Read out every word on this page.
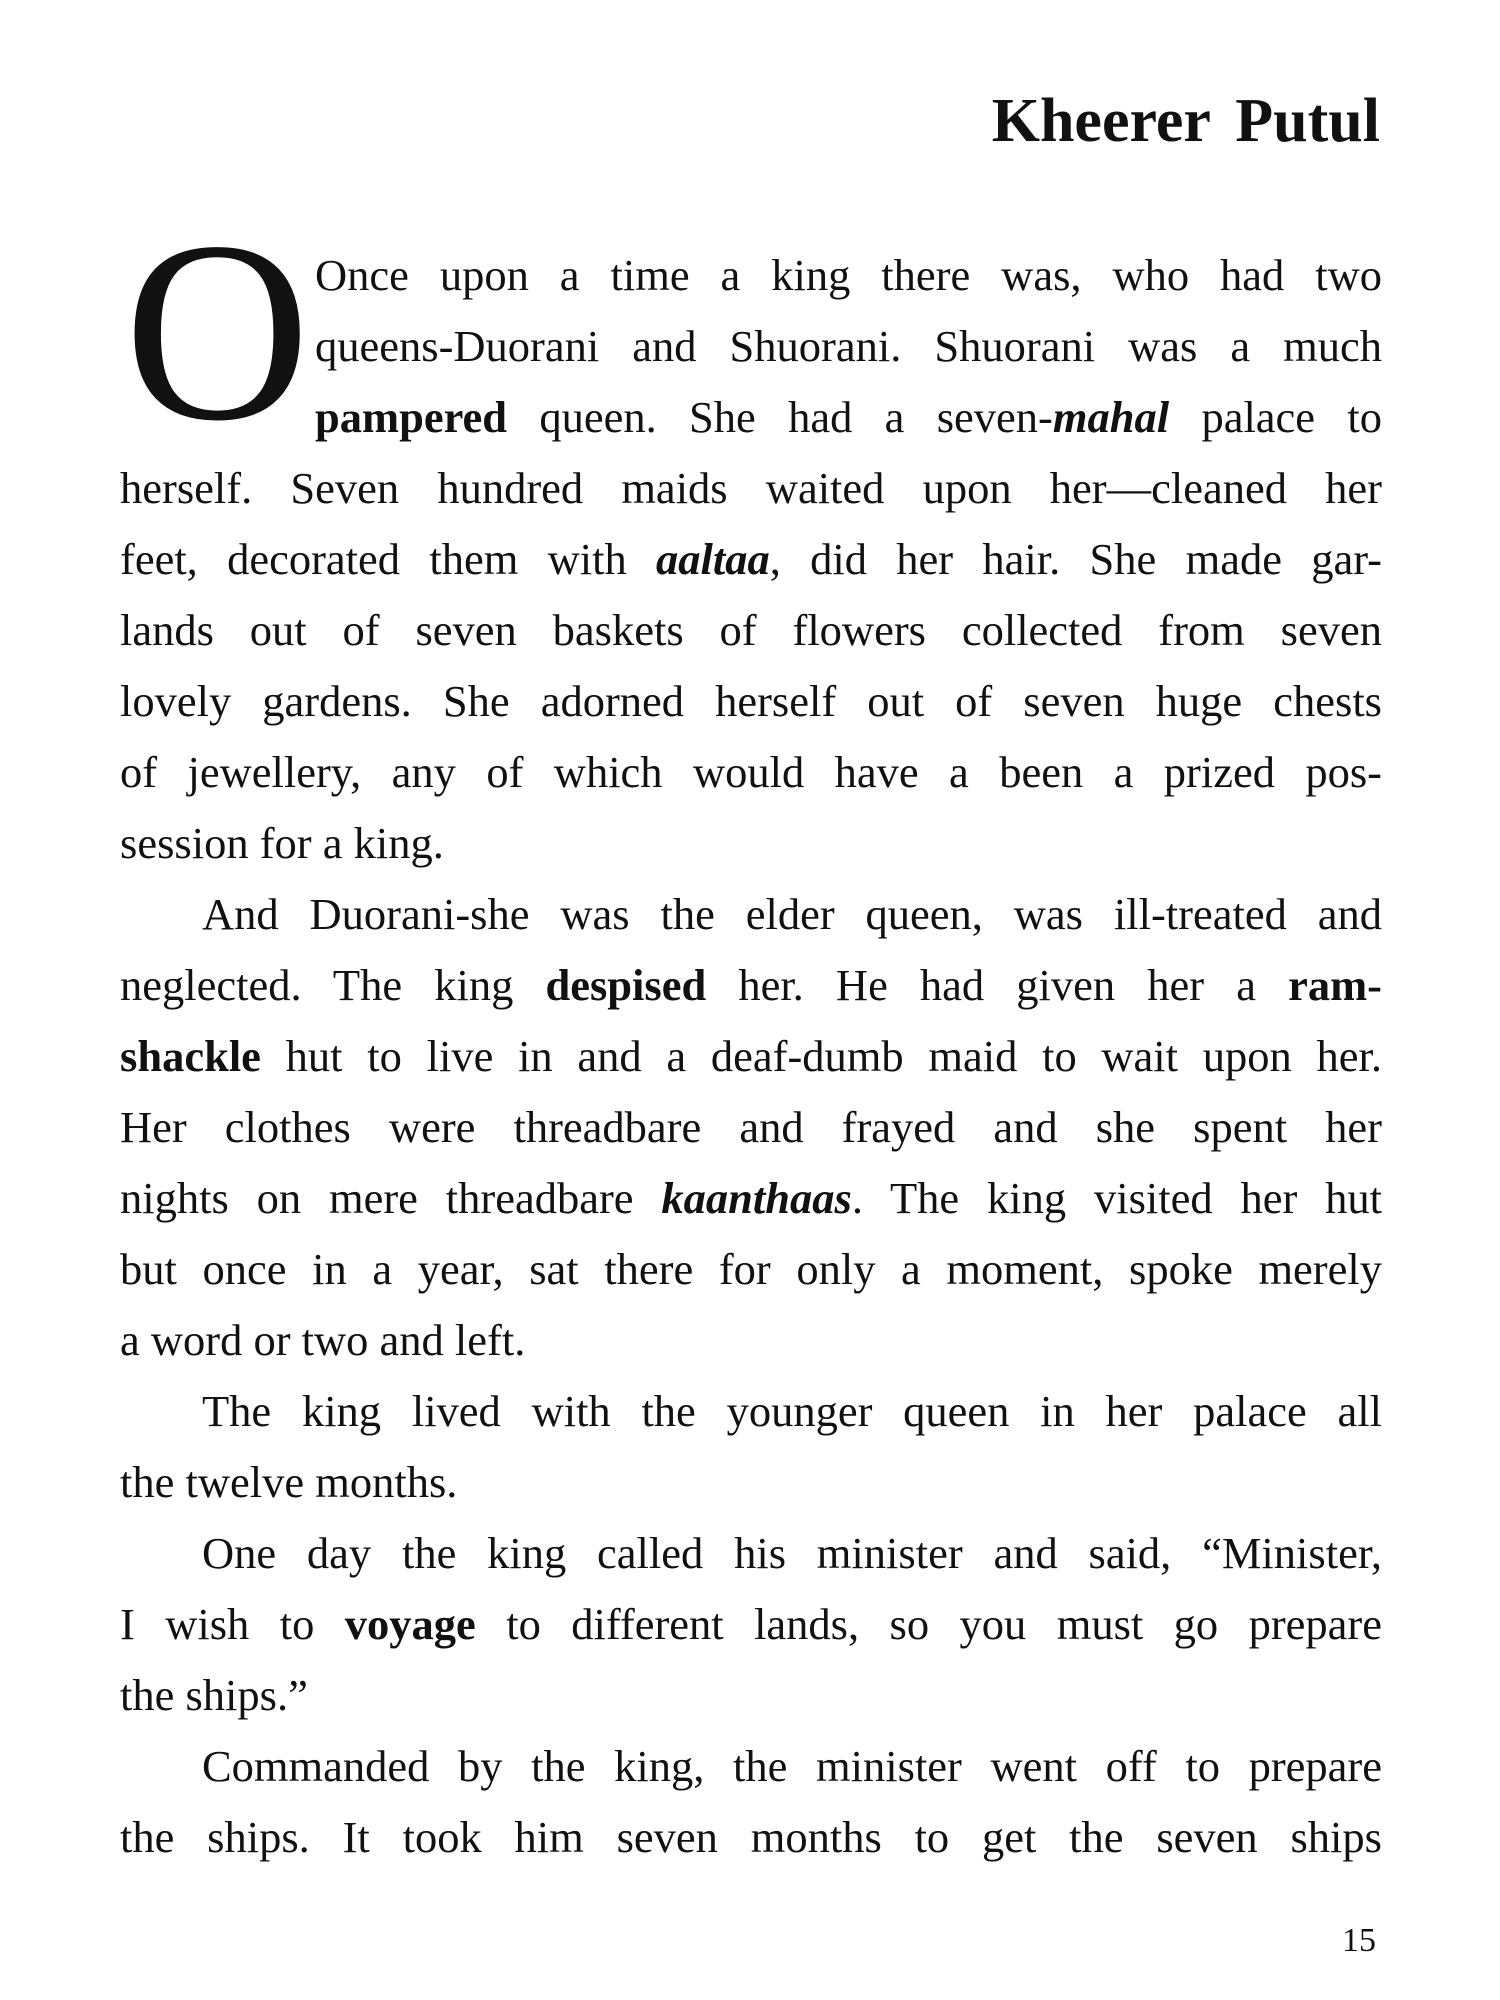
Kheerer Putul
O Once upon a time a king there was, who had two
queens-Duorani and Shuorani. Shuorani was a much
pampered queen. She had a seven-mahal palace to
herself. Seven hundred maids waited upon her—cleaned her
feet, decorated them with aaltaa, did her hair. She made gar-
lands out of seven baskets of flowers collected from seven
lovely gardens. She adorned herself out of seven huge chests
of jewellery, any of which would have a been a prized pos-
session for a king.
And Duorani-she was the elder queen, was ill-treated and
neglected. The king despised her. He had given her a ram-
shackle hut to live in and a deaf-dumb maid to wait upon her.
Her clothes were threadbare and frayed and she spent her
nights on mere threadbare kaanthaas. The king visited her hut
but once in a year, sat there for only a moment, spoke merely
a word or two and left.
The king lived with the younger queen in her palace all
the twelve months.
One day the king called his minister and said, “Minister,
I wish to voyage to different lands, so you must go prepare
the ships.”
Commanded by the king, the minister went off to prepare
the ships. It took him seven months to get the seven ships
15
